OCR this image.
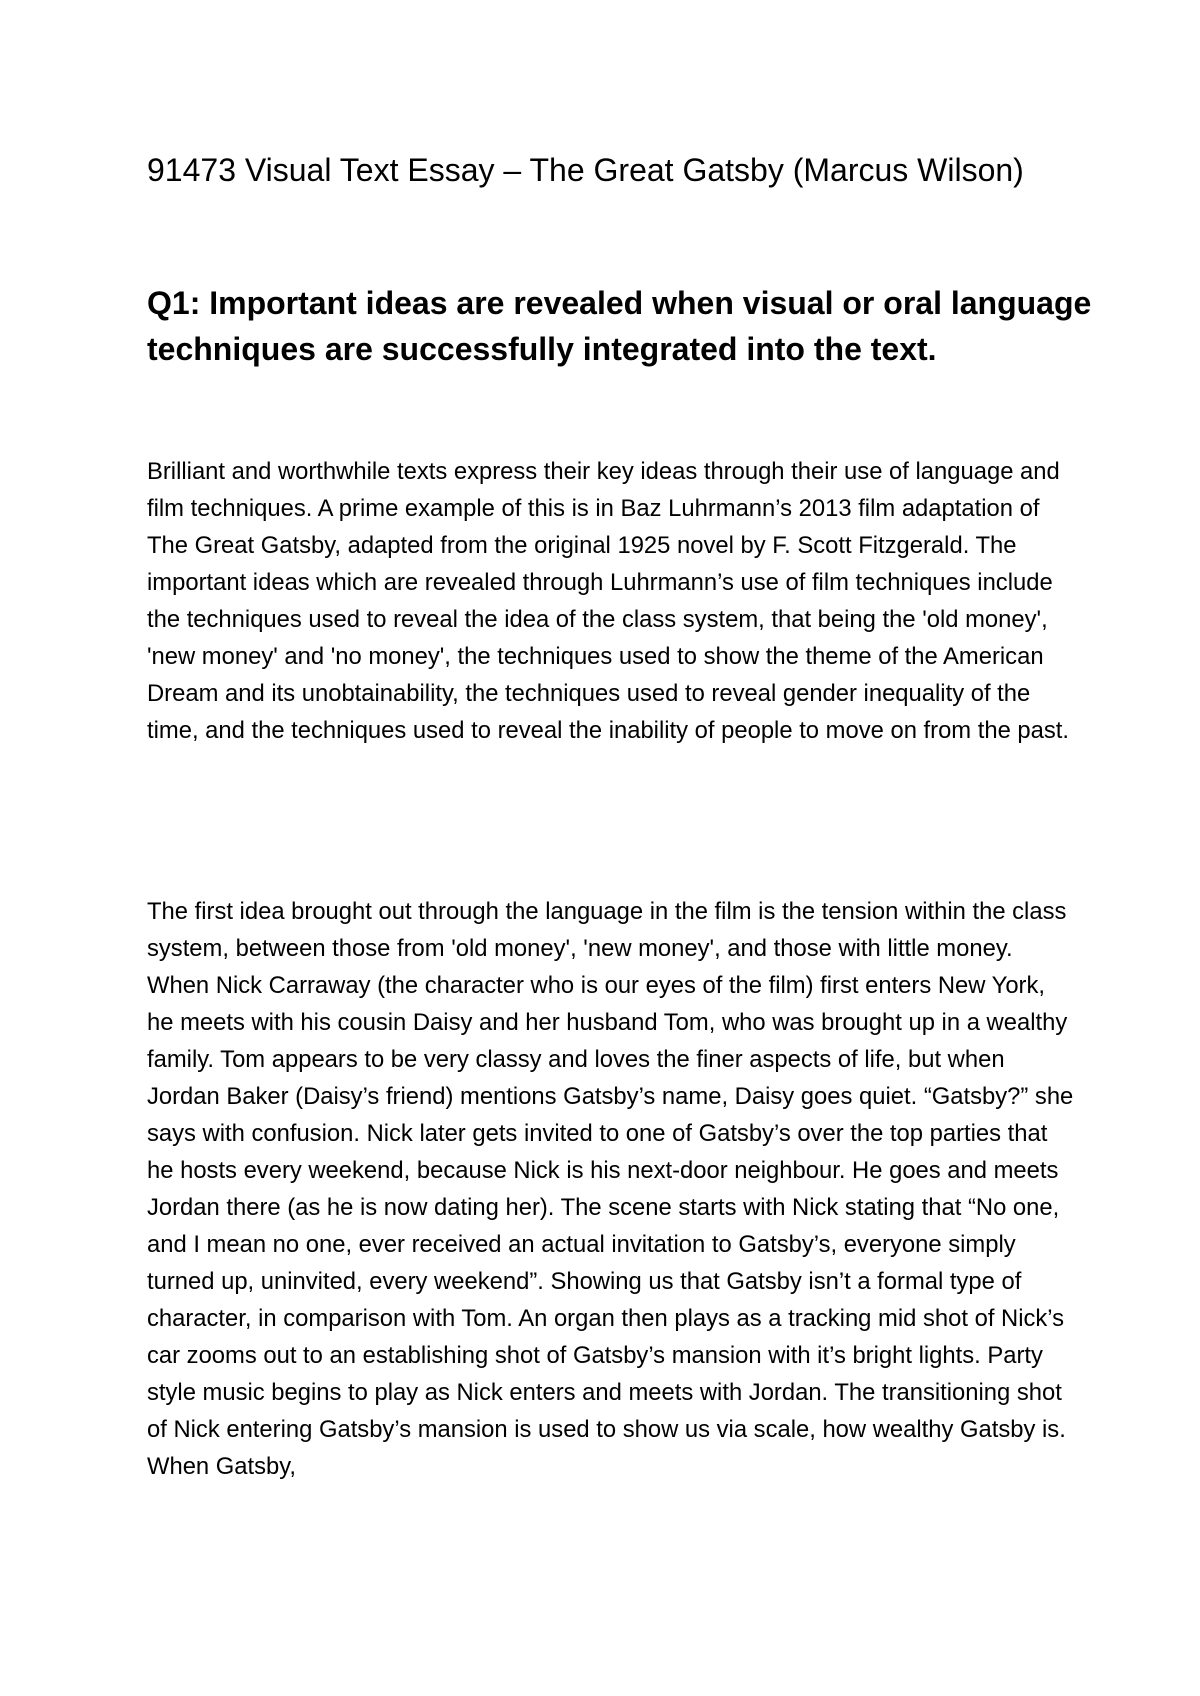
91473 Visual Text Essay – The Great Gatsby (Marcus Wilson)
Q1: Important ideas are revealed when visual or oral language techniques are successfully integrated into the text.

Brilliant and worthwhile texts express their key ideas through their use of language and film techniques. A prime example of this is in Baz Luhrmann’s 2013 film adaptation of The Great Gatsby, adapted from the original 1925 novel by F. Scott Fitzgerald. The important ideas which are revealed through Luhrmann’s use of film techniques include the techniques used to reveal the idea of the class system, that being the 'old money', 'new money' and 'no money', the techniques used to show the theme of the American Dream and its unobtainability, the techniques used to reveal gender inequality of the time, and the techniques used to reveal the inability of people to move on from the past.

The first idea brought out through the language in the film is the tension within the class system, between those from 'old money', 'new money', and those with little money. When Nick Carraway (the character who is our eyes of the film) first enters New York, he meets with his cousin Daisy and her husband Tom, who was brought up in a wealthy family. Tom appears to be very classy and loves the finer aspects of life, but when Jordan Baker (Daisy’s friend) mentions Gatsby’s name, Daisy goes quiet. “Gatsby?” she says with confusion. Nick later gets invited to one of Gatsby’s over the top parties that he hosts every weekend, because Nick is his next-door neighbour. He goes and meets Jordan there (as he is now dating her). The scene starts with Nick stating that “No one, and I mean no one, ever received an actual invitation to Gatsby’s, everyone simply turned up, uninvited, every weekend”. Showing us that Gatsby isn’t a formal type of character, in comparison with Tom. An organ then plays as a tracking mid shot of Nick’s car zooms out to an establishing shot of Gatsby’s mansion with it’s bright lights. Party style music begins to play as Nick enters and meets with Jordan. The transitioning shot of Nick entering Gatsby’s mansion is used to show us via scale, how wealthy Gatsby is. When Gatsby,
